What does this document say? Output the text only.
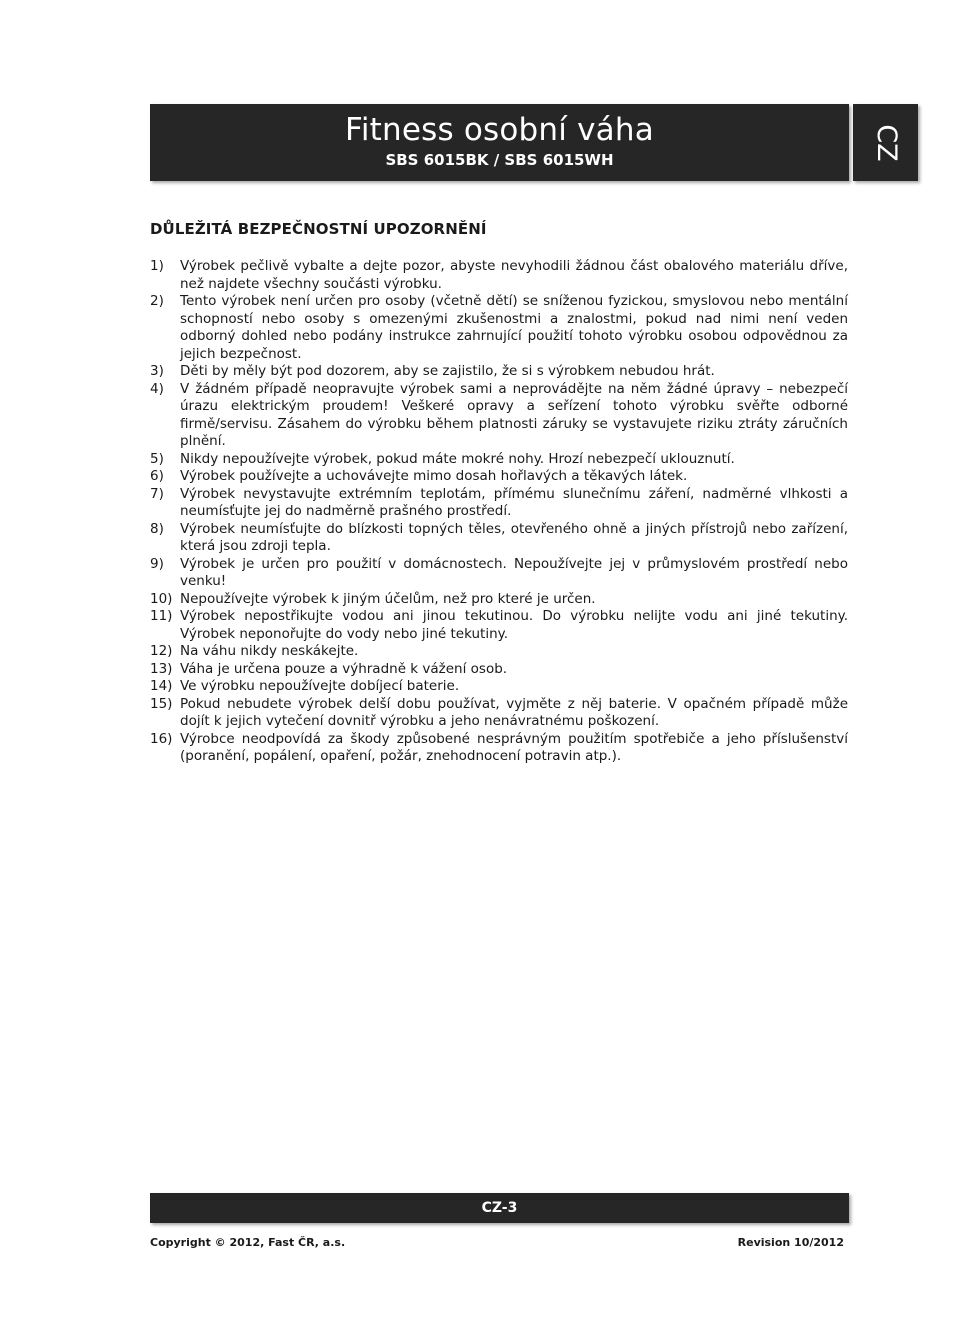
Fitness osobní váha
SBS 6015BK / SBS 6015WH	CZ
DŮLEŽITÁ BEZPEČNOSTNÍ UPOZORNĚNÍ
1)	Výrobek pečlivě vybalte a dejte pozor, abyste nevyhodili žádnou část obalového materiálu dříve, než najdete všechny součásti výrobku.
2)	Tento výrobek není určen pro osoby (včetně dětí) se sníženou fyzickou, smyslovou nebo mentální schopností nebo osoby s omezenými zkušenostmi a znalostmi, pokud nad nimi není veden odborný dohled nebo podány instrukce zahrnující použití tohoto výrobku osobou odpovědnou za jejich bezpečnost.
3)	Děti by měly být pod dozorem, aby se zajistilo, že si s výrobkem nebudou hrát.
4)	V žádném případě neopravujte výrobek sami a neprovádějte na něm žádné úpravy – nebezpečí úrazu elektrickým proudem! Veškeré opravy a seřízení tohoto výrobku svěřte odborné firmě/servisu. Zásahem do výrobku během platnosti záruky se vystavujete riziku ztráty záručních plnění.
5)	Nikdy nepoužívejte výrobek, pokud máte mokré nohy. Hrozí nebezpečí uklouznutí.
6)	Výrobek používejte a uchovávejte mimo dosah hořlavých a těkavých látek.
7)	Výrobek nevystavujte extrémním teplotám, přímému slunečnímu záření, nadměrné vlhkosti a neumísťujte jej do nadměrně prašného prostředí.
8)	Výrobek neumísťujte do blízkosti topných těles, otevřeného ohně a jiných přístrojů nebo zařízení, která jsou zdroji tepla.
9)	Výrobek je určen pro použití v domácnostech. Nepoužívejte jej v průmyslovém prostředí nebo venku!
10) Nepoužívejte výrobek k jiným účelům, než pro které je určen.
11) Výrobek nepostřikujte vodou ani jinou tekutinou. Do výrobku nelijte vodu ani jiné tekutiny. Výrobek neponořujte do vody nebo jiné tekutiny.
12) Na váhu nikdy neskákejte.
13) Váha je určena pouze a výhradně k vážení osob.
14) Ve výrobku nepoužívejte dobíjecí baterie.
15) Pokud nebudete výrobek delší dobu používat, vyjměte z něj baterie. V opačném případě může dojít k jejich vytečení dovnitř výrobku a jeho nenávratnému poškození.
16) Výrobce neodpovídá za škody způsobené nesprávným použitím spotřebiče a jeho příslušenství (poranění, popálení, opaření, požár, znehodnocení potravin atp.).
CZ-3
Copyright © 2012, Fast ČR, a.s.	Revision 10/2012
